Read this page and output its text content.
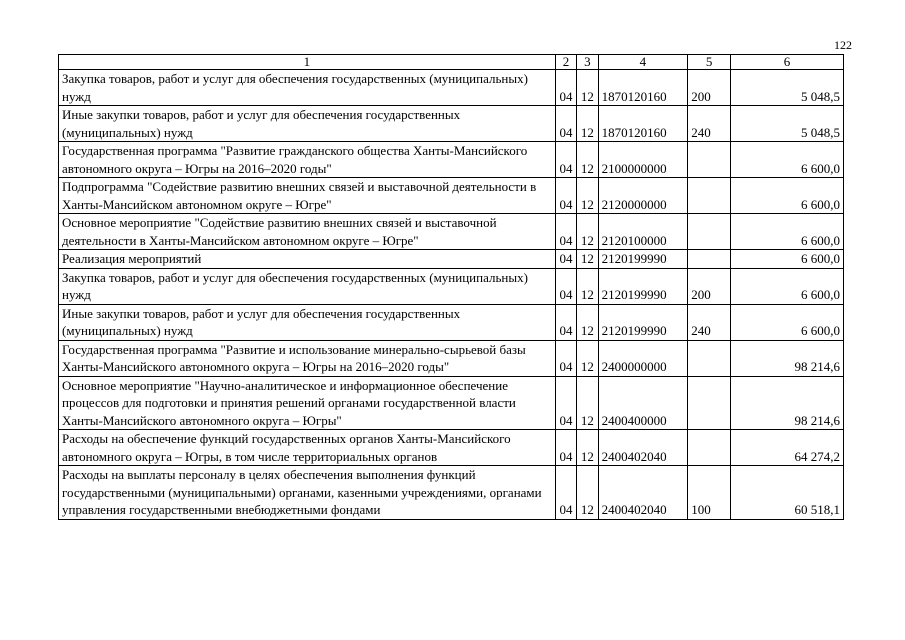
122
1	2	3	4	5	6
Закупка товаров, работ и услуг для обеспечения государственных (муниципальных) нужд	04	12	1870120160	200	5 048,5
Иные закупки товаров, работ и услуг для обеспечения государственных (муниципальных) нужд	04	12	1870120160	240	5 048,5
Государственная программа "Развитие гражданского общества Ханты-Мансийского автономного округа – Югры на 2016–2020 годы"	04	12	2100000000		6 600,0
Подпрограмма "Содействие развитию внешних связей и выставочной деятельности в Ханты-Мансийском автономном округе – Югре"	04	12	2120000000		6 600,0
Основное мероприятие "Содействие развитию внешних связей и выставочной деятельности в Ханты-Мансийском автономном округе – Югре"	04	12	2120100000		6 600,0
Реализация мероприятий	04	12	2120199990		6 600,0
Закупка товаров, работ и услуг для обеспечения государственных (муниципальных) нужд	04	12	2120199990	200	6 600,0
Иные закупки товаров, работ и услуг для обеспечения государственных (муниципальных) нужд	04	12	2120199990	240	6 600,0
Государственная программа "Развитие и использование минерально-сырьевой базы Ханты-Мансийского автономного округа – Югры на 2016–2020 годы"	04	12	2400000000		98 214,6
Основное мероприятие "Научно-аналитическое и информационное обеспечение процессов для подготовки и принятия решений органами государственной власти Ханты-Мансийского автономного округа – Югры"	04	12	2400400000		98 214,6
Расходы на обеспечение функций государственных органов Ханты-Мансийского автономного округа – Югры, в том числе территориальных органов	04	12	2400402040		64 274,2
Расходы на выплаты персоналу в целях обеспечения выполнения функций государственными (муниципальными) органами, казенными учреждениями, органами управления государственными внебюджетными фондами	04	12	2400402040	100	60 518,1
